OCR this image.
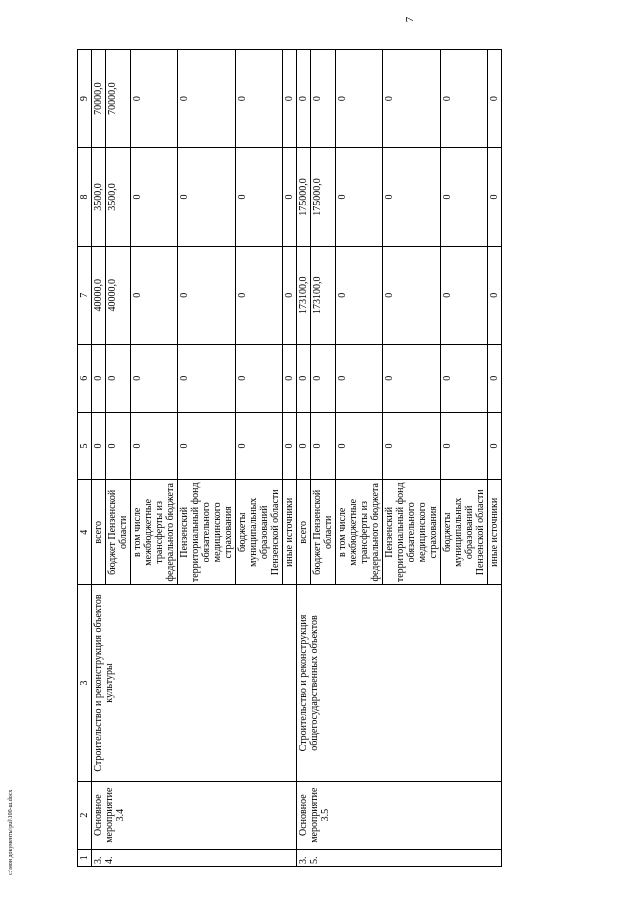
c:\мои документы\pul\100-ш.docx	1	2	3	4	5	6	7	8	9
3.4.	Основное мероприятие 3.4	Строительство и реконструкция объектов культуры	всего	0	0	40000,0	3500,0	70000,0
			бюджет Пензенской области	0	0	40000,0	3500,0	70000,0
			в том числе межбюджетные трансферты из федерального бюджета	0	0	0	0	0
			Пензенский территориальный фонд обязательного медицинского страхования	0	0	0	0	0
			бюджеты муниципальных образований Пензенской области	0	0	0	0	0
			иные источники	0	0	0	0	0
3.5.	Основное мероприятие 3.5	Строительство и реконструкция общегосударственных объектов	всего	0	0	173100,0	175000,0	0
			бюджет Пензенской области	0	0	173100,0	175000,0	0
			в том числе межбюджетные трансферты из федерального бюджета	0	0	0	0	0
			Пензенский территориальный фонд обязательного медицинского страхования	0	0	0	0	0
			бюджеты муниципальных образований Пензенской области	0	0	0	0	0
			иные источники	0	0	0	0	0
7
